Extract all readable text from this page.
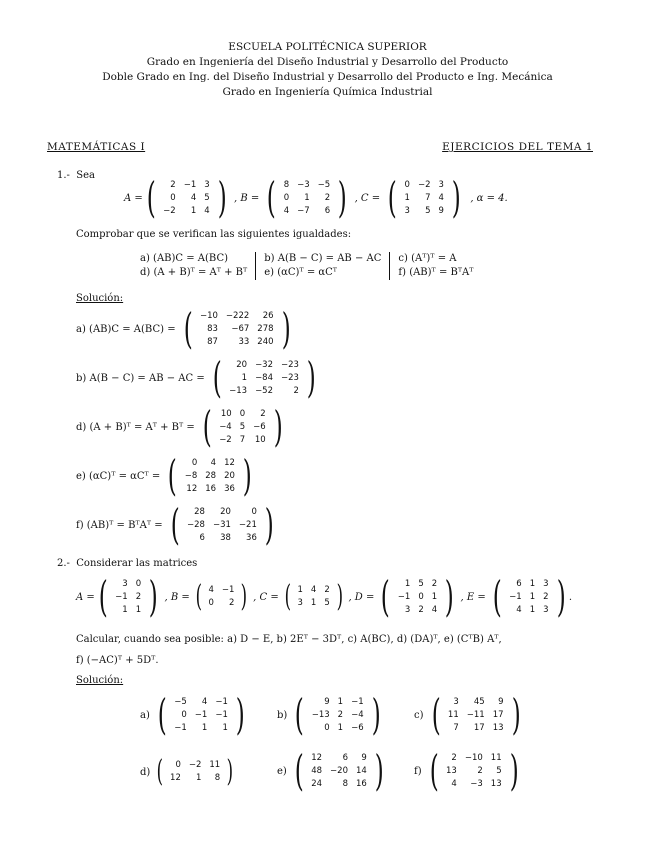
ESCUELA POLITÉCNICA SUPERIOR
Grado en Ingeniería del Diseño Industrial y Desarrollo del Producto
Doble Grado en Ing. del Diseño Industrial y Desarrollo del Producto e Ing. Mecánica
Grado en Ingeniería Química Industrial
MATEMÁTICAS I	EJERCICIOS DEL TEMA 1
1.- Sea
A = ( 2	−1	3
0	4	5
−2	1	4 ) , B = ( 8	−3	−5
0	1	2
4	−7	6 ) , C = ( 0	−2	3
1	7	4
3	5	9 ) , α = 4.
Comprobar que se verifican las siguientes igualdades:
a) (AB)C = A(BC)
d) (A + B)ᵀ = Aᵀ + Bᵀ
b) A(B − C) = AB − AC
e) (αC)ᵀ = αCᵀ
c) (Aᵀ)ᵀ = A
f) (AB)ᵀ = BᵀAᵀ
Solución:
a) (AB)C = A(BC) = ( −10	−222	26
83	−67	278
87	33	240 )
b) A(B − C) = AB − AC = ( 20	−32	−23
1	−84	−23
−13	−52	2 )
d) (A + B)ᵀ = Aᵀ + Bᵀ = ( 10	0	2
−4	5	−6
−2	7	10 )
e) (αC)ᵀ = αCᵀ = ( 0	4	12
−8	28	20
12	16	36 )
f) (AB)ᵀ = BᵀAᵀ = ( 28	20	0
−28	−31	−21
6	38	36 )
2.- Considerar las matrices
A = ( 3	0
−1	2
1	1 ) , B = ( 4	−1
0	2 ) , C = ( 1	4	2
3	1	5 ) , D = ( 1	5	2
−1	0	1
3	2	4 ) , E = ( 6	1	3
−1	1	2
4	1	3 ) .
Calcular, cuando sea posible: a) D − E, b) 2Eᵀ − 3Dᵀ, c) A(BC), d) (DA)ᵀ, e) (CᵀB) Aᵀ,
f) (−AC)ᵀ + 5Dᵀ.
Solución:
a) ( −5	4	−1
0	−1	−1
−1	1	1 )	b) ( 9	1	−1
−13	2	−4
0	1	−6 )	c) ( 3	45	9
11	−11	17
7	17	13 )
d) ( 0	−2	11
12	1	8 )	e) ( 12	6	9
48	−20	14
24	8	16 )	f) ( 2	−10	11
13	2	5
4	−3	13 )
